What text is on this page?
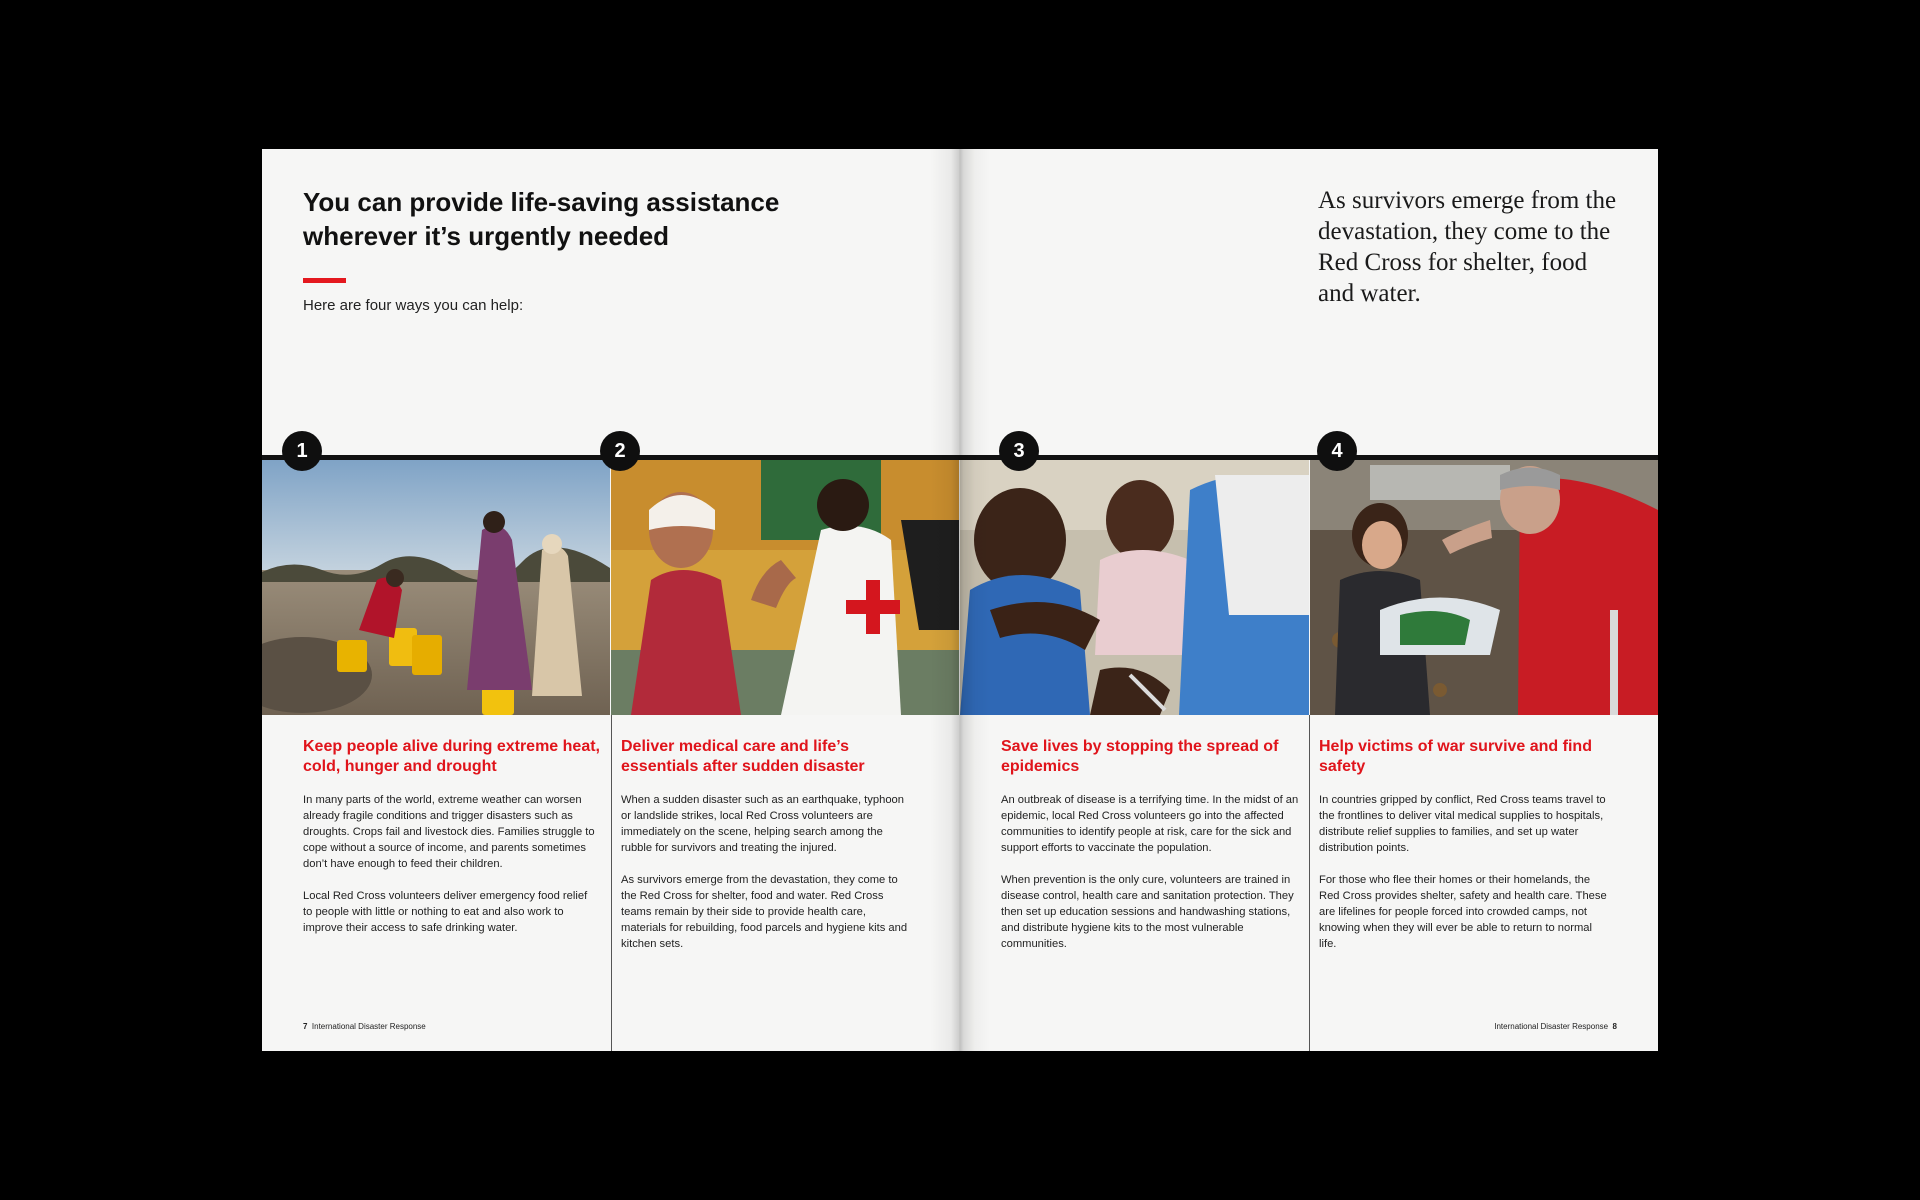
You can provide life-saving assistance wherever it’s urgently needed

Here are four ways you can help:

7 International Disaster Response	International Disaster Response 8

As survivors emerge from the devastation, they come to the Red Cross for shelter, food and water.

1	2	3	4
Keep people alive during extreme heat, cold, hunger and drought

In many parts of the world, extreme weather can worsen already fragile conditions and trigger disasters such as droughts. Crops fail and livestock dies. Families struggle to cope without a source of income, and parents sometimes don’t have enough to feed their children.

Local Red Cross volunteers deliver emergency food relief to people with little or nothing to eat and also work to improve their access to safe drinking water.

Deliver medical care and life’s essentials after sudden disaster

When a sudden disaster such as an earthquake, typhoon or landslide strikes, local Red Cross volunteers are immediately on the scene, helping search among the rubble for survivors and treating the injured.

As survivors emerge from the devastation, they come to the Red Cross for shelter, food and water. Red Cross teams remain by their side to provide health care, materials for rebuilding, food parcels and hygiene kits and kitchen sets.

Save lives by stopping the spread of epidemics

An outbreak of disease is a terrifying time. In the midst of an epidemic, local Red Cross volunteers go into the affected communities to identify people at risk, care for the sick and support efforts to vaccinate the population.

When prevention is the only cure, volunteers are trained in disease control, health care and sanitation protection. They then set up education sessions and handwashing stations, and distribute hygiene kits to the most vulnerable communities.

Help victims of war survive and find safety

In countries gripped by conflict, Red Cross teams travel to the frontlines to deliver vital medical supplies to hospitals, distribute relief supplies to families, and set up water distribution points.

For those who flee their homes or their homelands, the Red Cross provides shelter, safety and health care. These are lifelines for people forced into crowded camps, not knowing when they will ever be able to return to normal life.
